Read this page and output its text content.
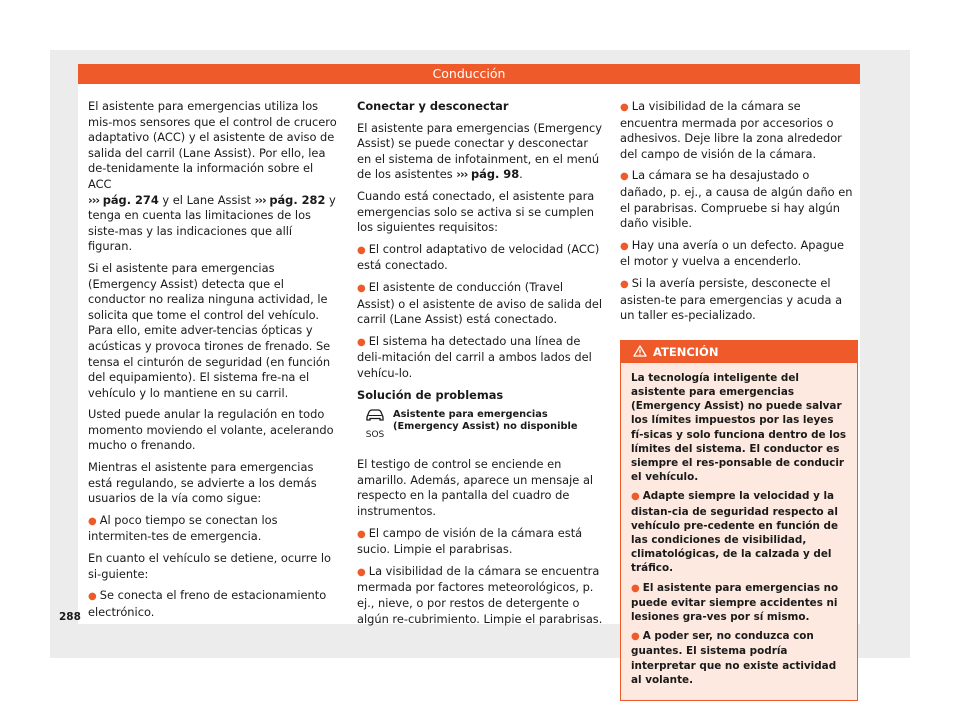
Conducción

El asistente para emergencias utiliza los mis-mos sensores que el control de crucero adaptativo (ACC) y el asistente de aviso de salida del carril (Lane Assist). Por ello, lea de-tenidamente la información sobre el ACC
››› pág. 274 y el Lane Assist ››› pág. 282 y tenga en cuenta las limitaciones de los siste-mas y las indicaciones que allí figuran.

Si el asistente para emergencias (Emergency Assist) detecta que el conductor no realiza ninguna actividad, le solicita que tome el control del vehículo. Para ello, emite adver-tencias ópticas y acústicas y provoca tirones de frenado. Se tensa el cinturón de seguridad (en función del equipamiento). El sistema fre-na el vehículo y lo mantiene en su carril.

Usted puede anular la regulación en todo momento moviendo el volante, acelerando mucho o frenando.

Mientras el asistente para emergencias está regulando, se advierte a los demás usuarios de la vía como sigue:

● Al poco tiempo se conectan los intermiten-tes de emergencia.

En cuanto el vehículo se detiene, ocurre lo si-guiente:

● Se conecta el freno de estacionamiento electrónico.

Conectar y desconectar

El asistente para emergencias (Emergency Assist) se puede conectar y desconectar en el sistema de infotainment, en el menú de los asistentes ››› pág. 98.

Cuando está conectado, el asistente para emergencias solo se activa si se cumplen los siguientes requisitos:

● El control adaptativo de velocidad (ACC) está conectado.

● El asistente de conducción (Travel Assist) o el asistente de aviso de salida del carril (Lane Assist) está conectado.

● El sistema ha detectado una línea de deli-mitación del carril a ambos lados del vehícu-lo.

Solución de problemas

SOS
Asistente para emergencias (Emergency Assist) no disponible

El testigo de control se enciende en amarillo. Además, aparece un mensaje al respecto en la pantalla del cuadro de instrumentos.

● El campo de visión de la cámara está sucio. Limpie el parabrisas.

● La visibilidad de la cámara se encuentra mermada por factores meteorológicos, p. ej., nieve, o por restos de detergente o algún re-cubrimiento. Limpie el parabrisas.

● La visibilidad de la cámara se encuentra mermada por accesorios o adhesivos. Deje libre la zona alrededor del campo de visión de la cámara.

● La cámara se ha desajustado o dañado, p. ej., a causa de algún daño en el parabrisas. Compruebe si hay algún daño visible.

● Hay una avería o un defecto. Apague el motor y vuelva a encenderlo.

● Si la avería persiste, desconecte el asisten-te para emergencias y acuda a un taller es-pecializado.

ATENCIÓN

La tecnología inteligente del asistente para emergencias (Emergency Assist) no puede salvar los límites impuestos por las leyes fí-sicas y solo funciona dentro de los límites del sistema. El conductor es siempre el res-ponsable de conducir el vehículo.

● Adapte siempre la velocidad y la distan-cia de seguridad respecto al vehículo pre-cedente en función de las condiciones de visibilidad, climatológicas, de la calzada y del tráfico.

● El asistente para emergencias no puede evitar siempre accidentes ni lesiones gra-ves por sí mismo.

● A poder ser, no conduzca con guantes. El sistema podría interpretar que no existe actividad al volante.

288
